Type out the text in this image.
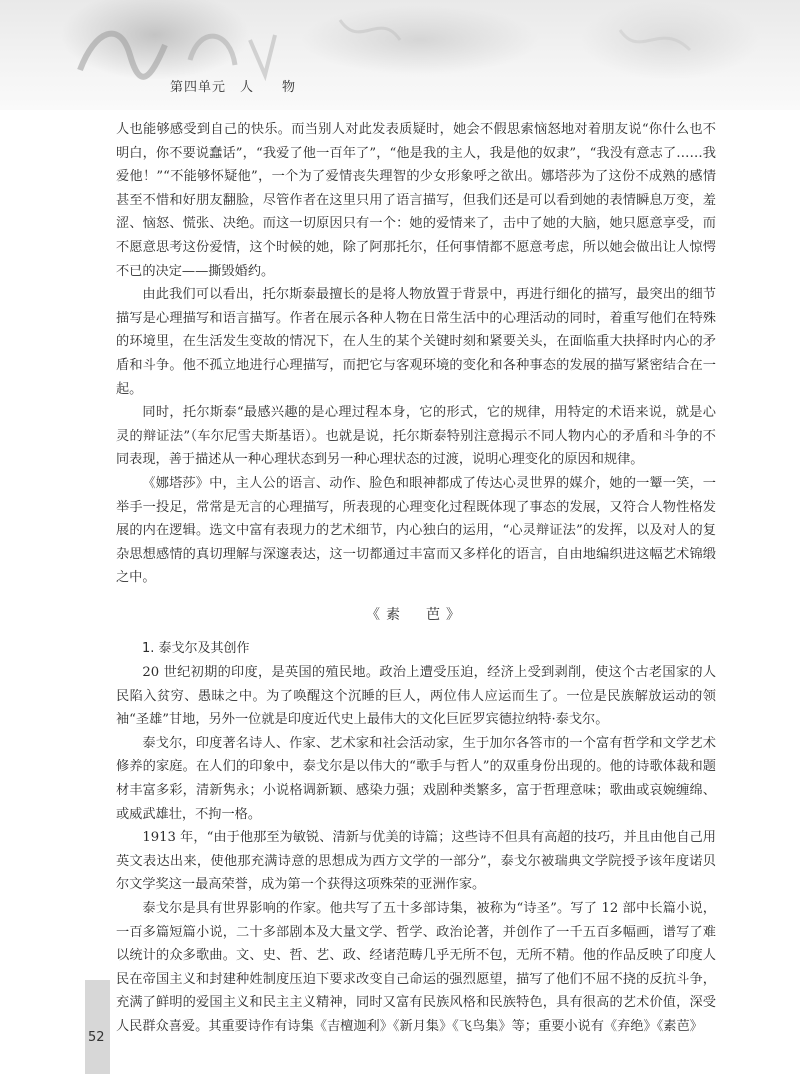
第四单元　人　　物

人也能够感受到自己的快乐。而当别人对此发表质疑时，她会不假思索恼怒地对着朋友说“你什么也不明白，你不要说蠢话”，“我爱了他一百年了”，“他是我的主人，我是他的奴隶”，“我没有意志了……我爱他！”“不能够怀疑他”，一个为了爱情丧失理智的少女形象呼之欲出。娜塔莎为了这份不成熟的感情甚至不惜和好朋友翻脸，尽管作者在这里只用了语言描写，但我们还是可以看到她的表情瞬息万变，羞涩、恼怒、慌张、决绝。而这一切原因只有一个：她的爱情来了，击中了她的大脑，她只愿意享受，而不愿意思考这份爱情，这个时候的她，除了阿那托尔，任何事情都不愿意考虑，所以她会做出让人惊愕不已的决定——撕毁婚约。

由此我们可以看出，托尔斯泰最擅长的是将人物放置于背景中，再进行细化的描写，最突出的细节描写是心理描写和语言描写。作者在展示各种人物在日常生活中的心理活动的同时，着重写他们在特殊的环境里，在生活发生变故的情况下，在人生的某个关键时刻和紧要关头，在面临重大抉择时内心的矛盾和斗争。他不孤立地进行心理描写，而把它与客观环境的变化和各种事态的发展的描写紧密结合在一起。

同时，托尔斯泰“最感兴趣的是心理过程本身，它的形式，它的规律，用特定的术语来说，就是心灵的辩证法”（车尔尼雪夫斯基语）。也就是说，托尔斯泰特别注意揭示不同人物内心的矛盾和斗争的不同表现，善于描述从一种心理状态到另一种心理状态的过渡，说明心理变化的原因和规律。

《娜塔莎》中，主人公的语言、动作、脸色和眼神都成了传达心灵世界的媒介，她的一颦一笑，一举手一投足，常常是无言的心理描写，所表现的心理变化过程既体现了事态的发展，又符合人物性格发展的内在逻辑。选文中富有表现力的艺术细节，内心独白的运用，“心灵辩证法”的发挥，以及对人的复杂思想感情的真切理解与深邃表达，这一切都通过丰富而又多样化的语言，自由地编织进这幅艺术锦缎之中。

《素　芭》

1. 泰戈尔及其创作

20 世纪初期的印度，是英国的殖民地。政治上遭受压迫，经济上受到剥削，使这个古老国家的人民陷入贫穷、愚昧之中。为了唤醒这个沉睡的巨人，两位伟人应运而生了。一位是民族解放运动的领袖“圣雄”甘地，另外一位就是印度近代史上最伟大的文化巨匠罗宾德拉纳特·泰戈尔。

泰戈尔，印度著名诗人、作家、艺术家和社会活动家，生于加尔各答市的一个富有哲学和文学艺术修养的家庭。在人们的印象中，泰戈尔是以伟大的“歌手与哲人”的双重身份出现的。他的诗歌体裁和题材丰富多彩，清新隽永；小说格调新颖、感染力强；戏剧种类繁多，富于哲理意味；歌曲或哀婉缠绵、或威武雄壮，不拘一格。

1913 年，“由于他那至为敏锐、清新与优美的诗篇；这些诗不但具有高超的技巧，并且由他自己用英文表达出来，使他那充满诗意的思想成为西方文学的一部分”，泰戈尔被瑞典文学院授予该年度诺贝尔文学奖这一最高荣誉，成为第一个获得这项殊荣的亚洲作家。

泰戈尔是具有世界影响的作家。他共写了五十多部诗集，被称为“诗圣”。写了 12 部中长篇小说，一百多篇短篇小说，二十多部剧本及大量文学、哲学、政治论著，并创作了一千五百多幅画，谱写了难以统计的众多歌曲。文、史、哲、艺、政、经诸范畴几乎无所不包，无所不精。他的作品反映了印度人民在帝国主义和封建种姓制度压迫下要求改变自己命运的强烈愿望，描写了他们不屈不挠的反抗斗争，充满了鲜明的爱国主义和民主主义精神，同时又富有民族风格和民族特色，具有很高的艺术价值，深受人民群众喜爱。其重要诗作有诗集《吉檀迦利》《新月集》《飞鸟集》等；重要小说有《弃绝》《素芭》

52
